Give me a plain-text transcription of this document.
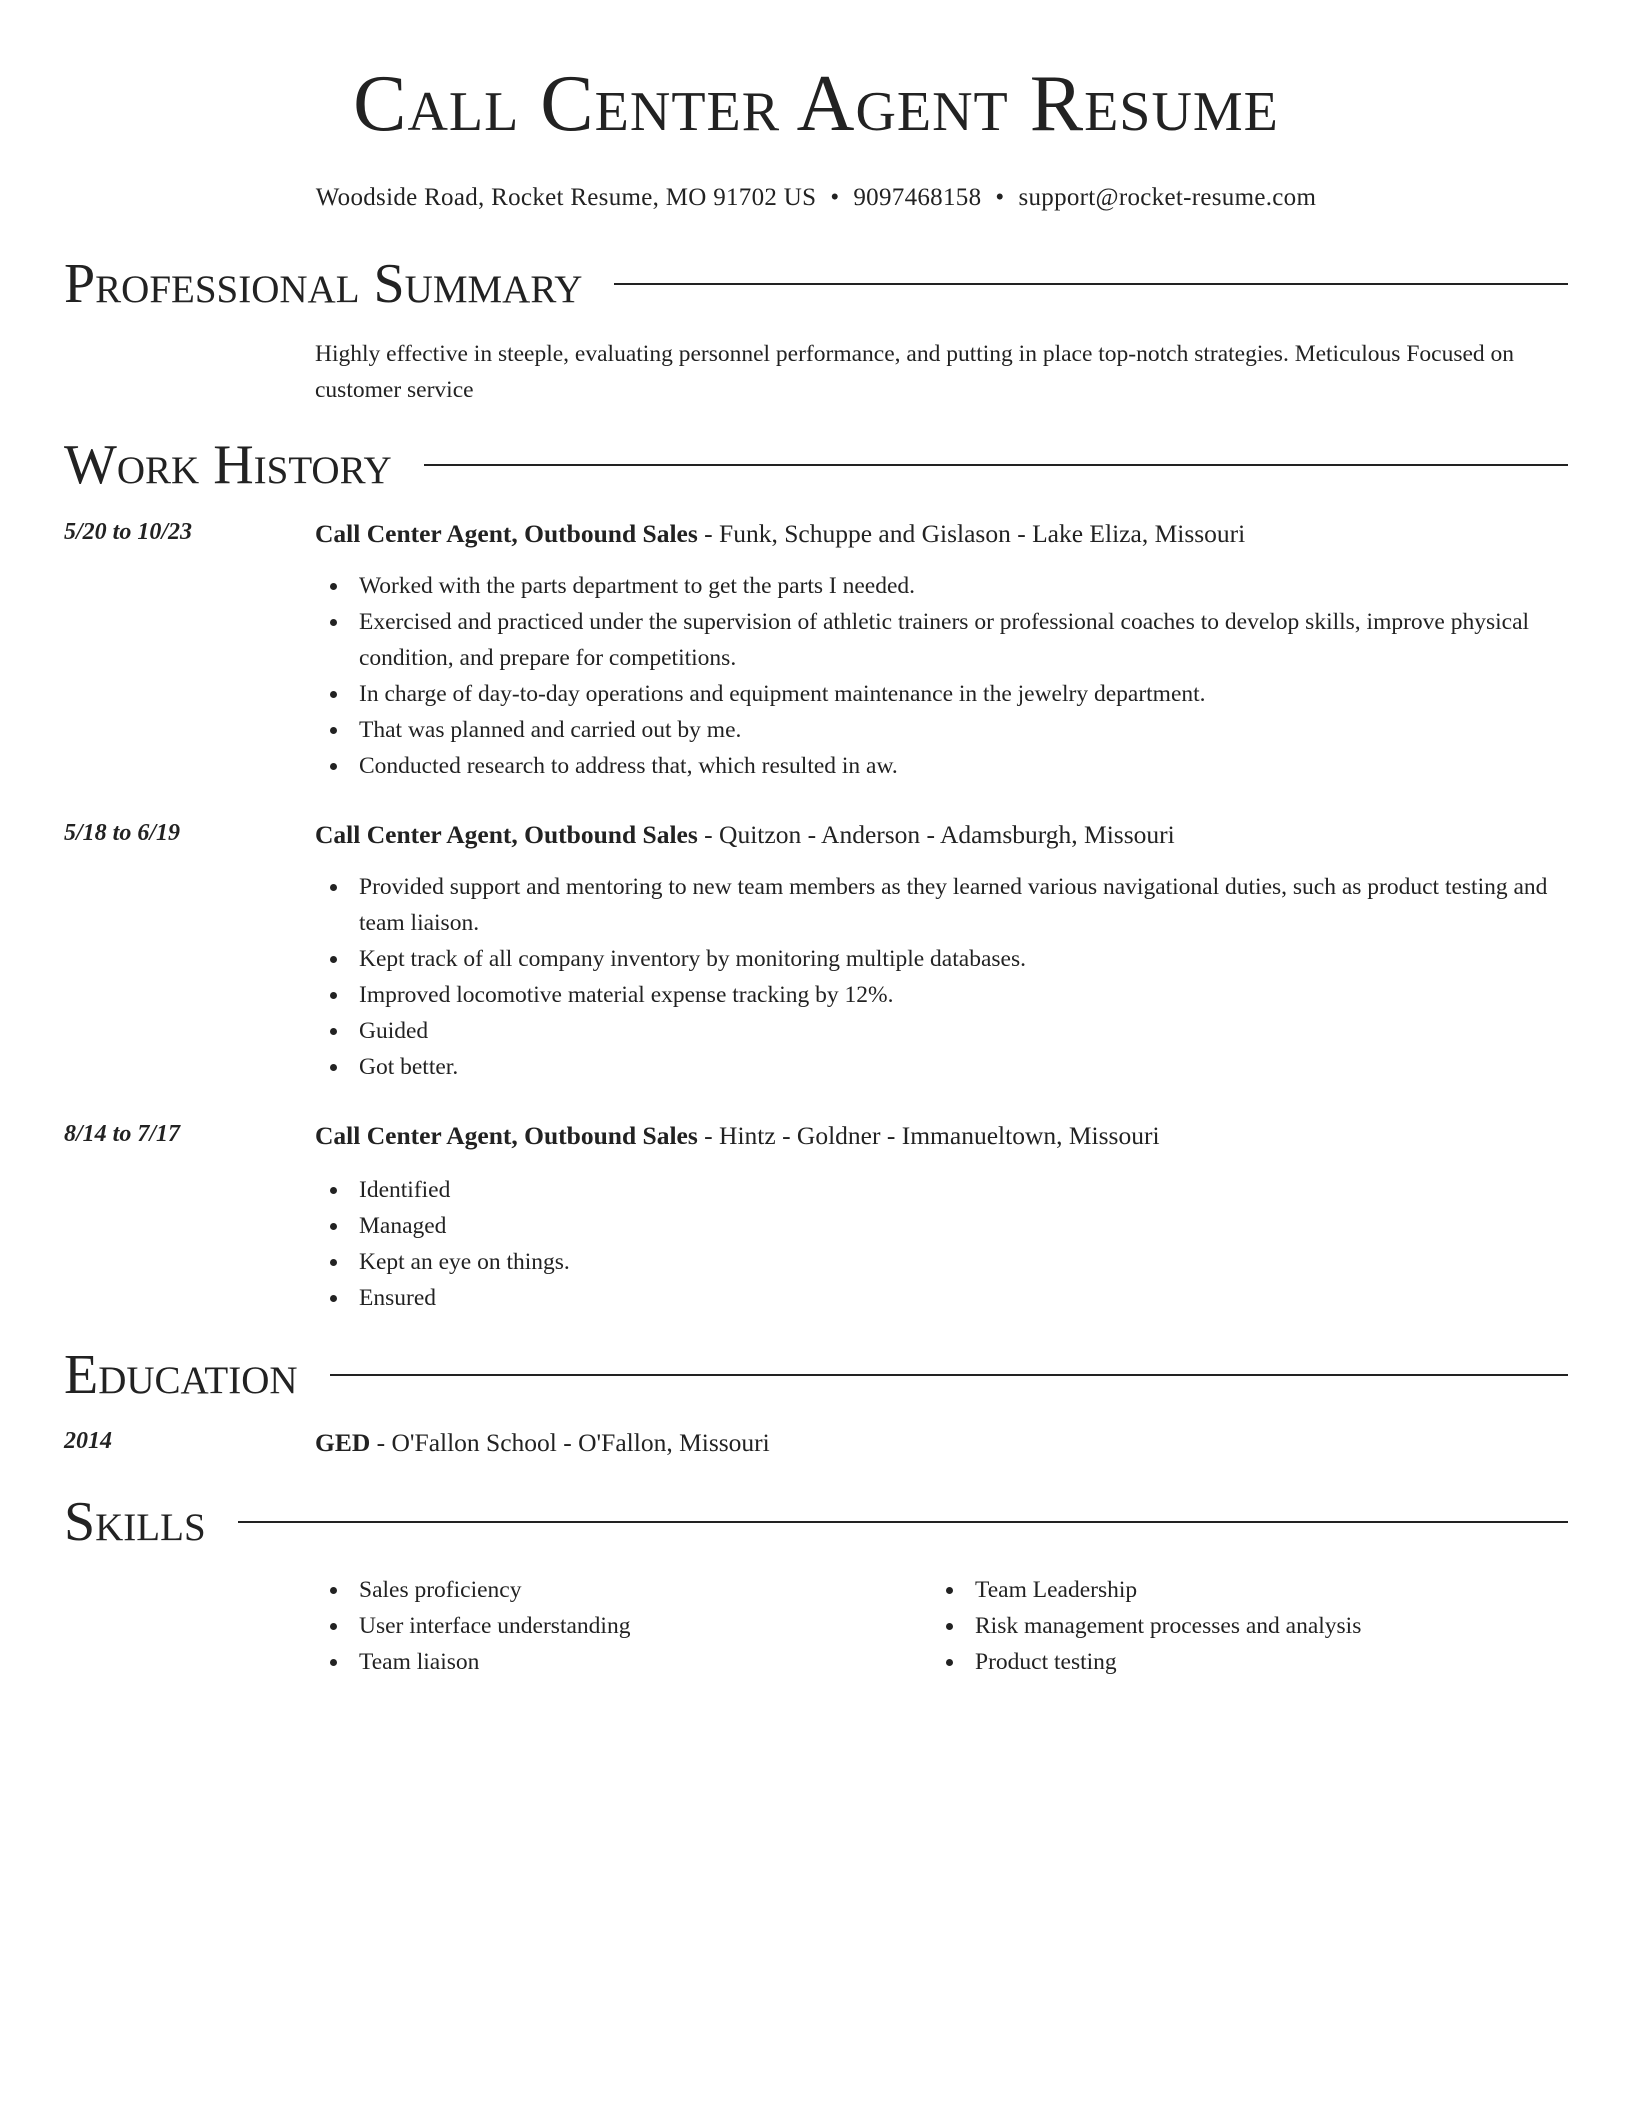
Call Center Agent Resume
Woodside Road, Rocket Resume, MO 91702 US • 9097468158 • support@rocket-resume.com
Professional Summary
Highly effective in steeple, evaluating personnel performance, and putting in place top-notch strategies. Meticulous Focused on customer service
Work History
5/20 to 10/23	Call Center Agent, Outbound Sales - Funk, Schuppe and Gislason - Lake Eliza, Missouri
Worked with the parts department to get the parts I needed.
Exercised and practiced under the supervision of athletic trainers or professional coaches to develop skills, improve physical condition, and prepare for competitions.
In charge of day-to-day operations and equipment maintenance in the jewelry department.
That was planned and carried out by me.
Conducted research to address that, which resulted in aw.
5/18 to 6/19	Call Center Agent, Outbound Sales - Quitzon - Anderson - Adamsburgh, Missouri
Provided support and mentoring to new team members as they learned various navigational duties, such as product testing and team liaison.
Kept track of all company inventory by monitoring multiple databases.
Improved locomotive material expense tracking by 12%.
Guided
Got better.
8/14 to 7/17	Call Center Agent, Outbound Sales - Hintz - Goldner - Immanueltown, Missouri
Identified
Managed
Kept an eye on things.
Ensured
Education
2014	GED - O'Fallon School - O'Fallon, Missouri
Skills
Sales proficiency
User interface understanding
Team liaison
Team Leadership
Risk management processes and analysis
Product testing
